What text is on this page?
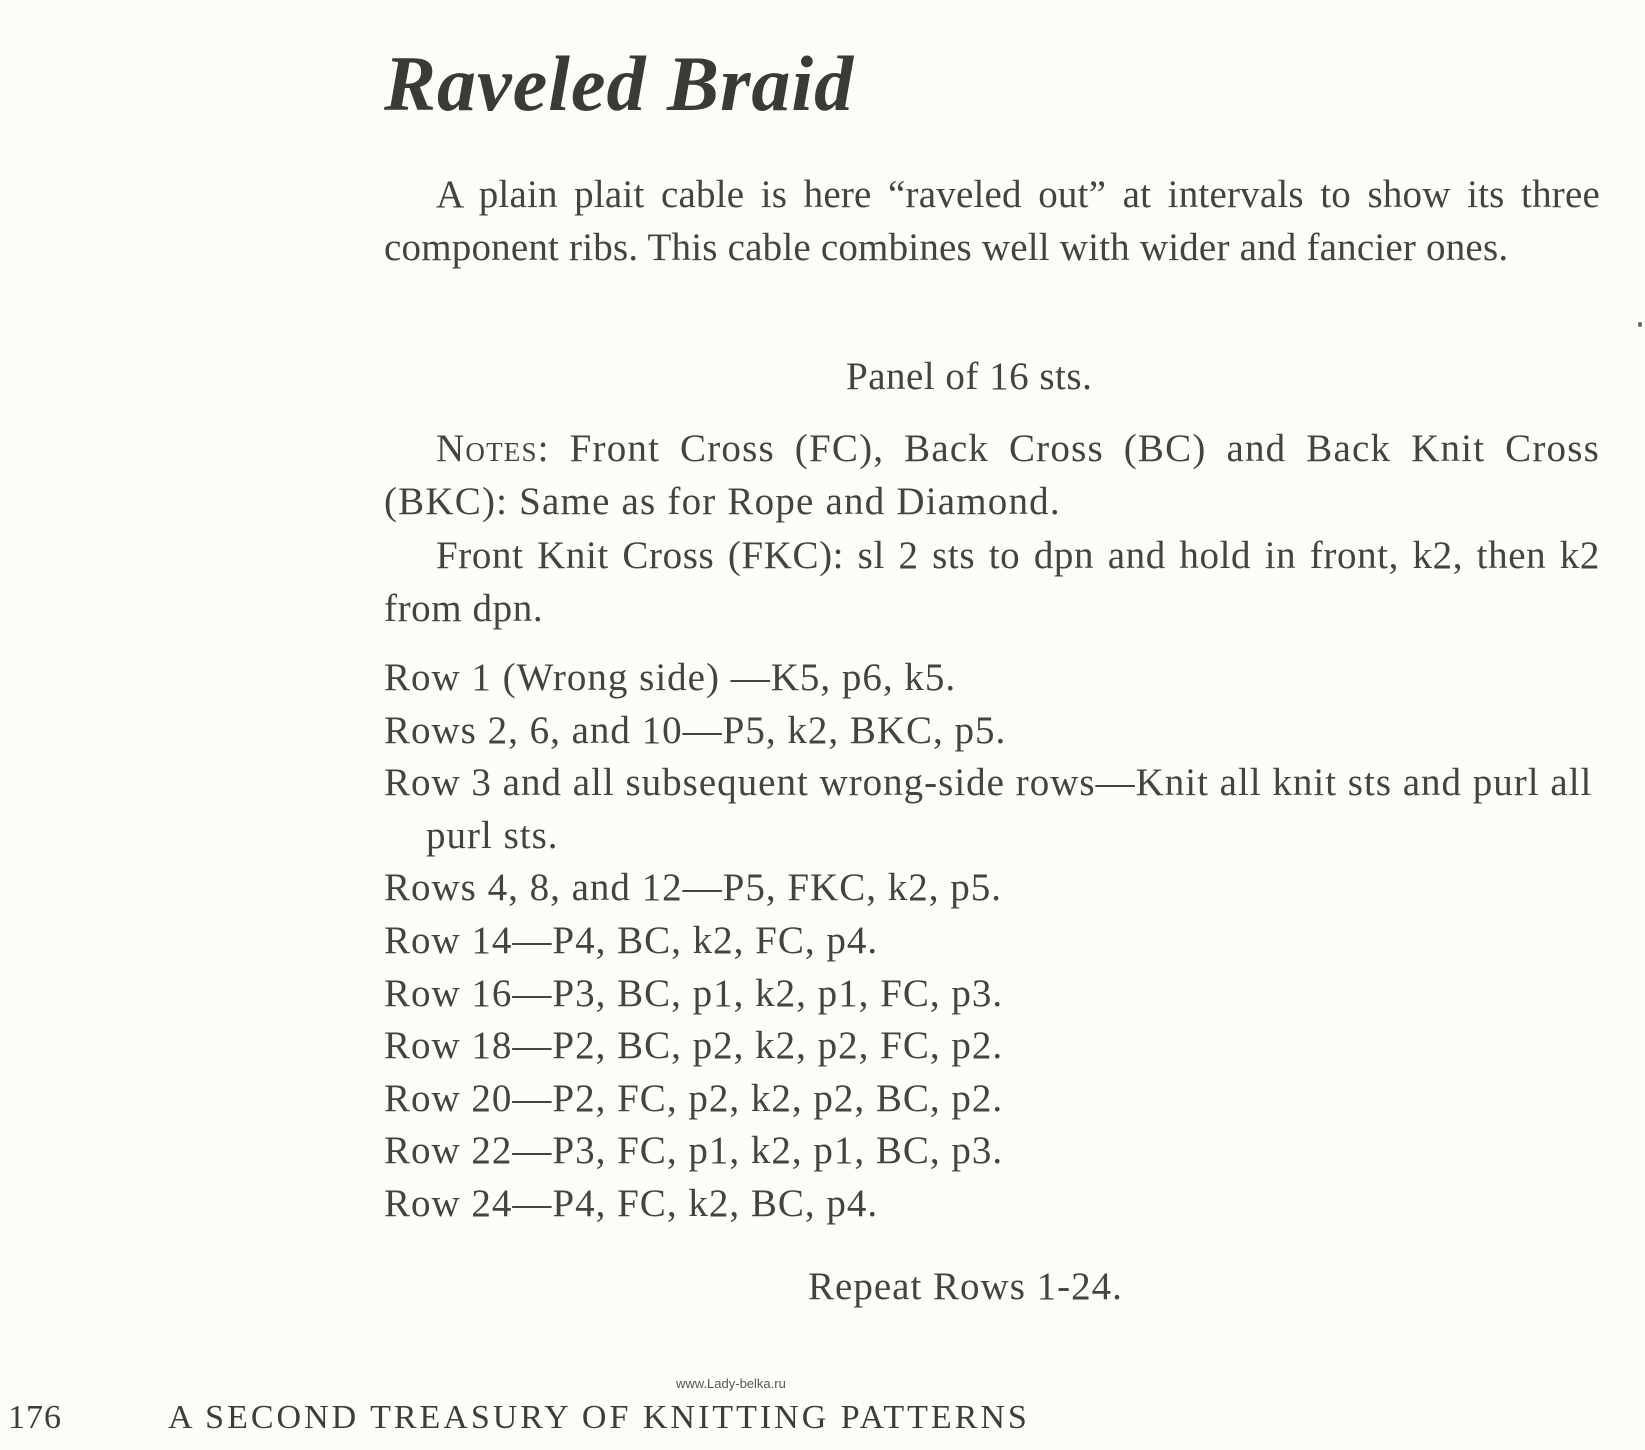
Raveled Braid

A plain plait cable is here “raveled out” at intervals to show its three component ribs. This cable combines well with wider and fancier ones.

Panel of 16 sts.

Notes: Front Cross (FC), Back Cross (BC) and Back Knit Cross (BKC): Same as for Rope and Diamond.

Front Knit Cross (FKC): sl 2 sts to dpn and hold in front, k2, then k2 from dpn.

Row 1 (Wrong side) —K5, p6, k5.

Rows 2, 6, and 10—P5, k2, BKC, p5.

Row 3 and all subsequent wrong-side rows—Knit all knit sts and purl all purl sts.

Rows 4, 8, and 12—P5, FKC, k2, p5.

Row 14—P4, BC, k2, FC, p4.

Row 16—P3, BC, p1, k2, p1, FC, p3.

Row 18—P2, BC, p2, k2, p2, FC, p2.

Row 20—P2, FC, p2, k2, p2, BC, p2.

Row 22—P3, FC, p1, k2, p1, BC, p3.

Row 24—P4, FC, k2, BC, p4.

Repeat Rows 1-24.
www.Lady-belka.ru
176	A SECOND TREASURY OF KNITTING PATTERNS
